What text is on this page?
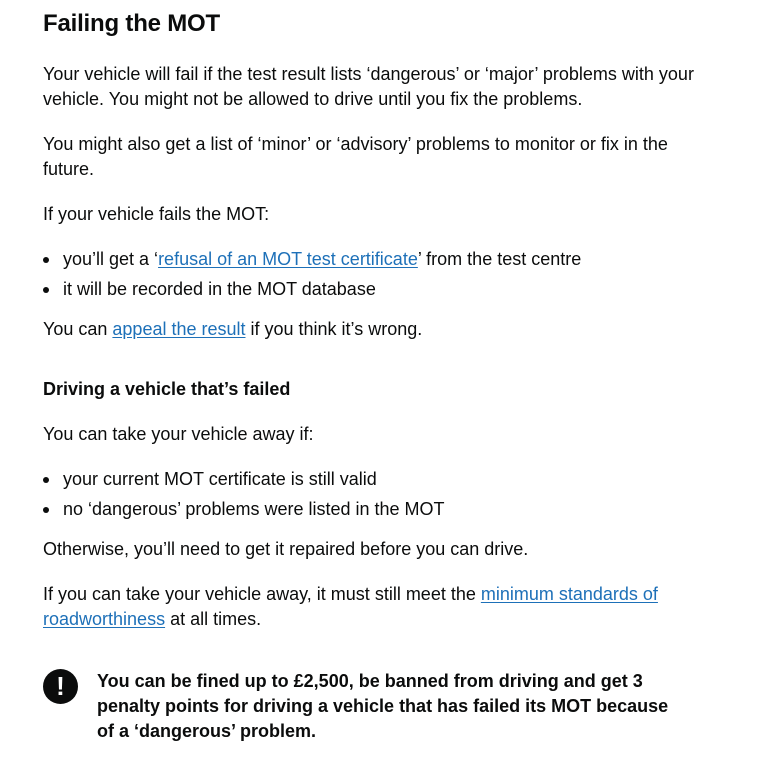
Failing the MOT

Your vehicle will fail if the test result lists ‘dangerous’ or ‘major’ problems with your vehicle. You might not be allowed to drive until you fix the problems.

You might also get a list of ‘minor’ or ‘advisory’ problems to monitor or fix in the future.

If your vehicle fails the MOT:

you’ll get a ‘refusal of an MOT test certificate’ from the test centre
it will be recorded in the MOT database

You can appeal the result if you think it’s wrong.

Driving a vehicle that’s failed

You can take your vehicle away if:

your current MOT certificate is still valid
no ‘dangerous’ problems were listed in the MOT

Otherwise, you’ll need to get it repaired before you can drive.

If you can take your vehicle away, it must still meet the minimum standards of roadworthiness at all times.

!	You can be fined up to £2,500, be banned from driving and get 3 penalty points for driving a vehicle that has failed its MOT because of a ‘dangerous’ problem.
